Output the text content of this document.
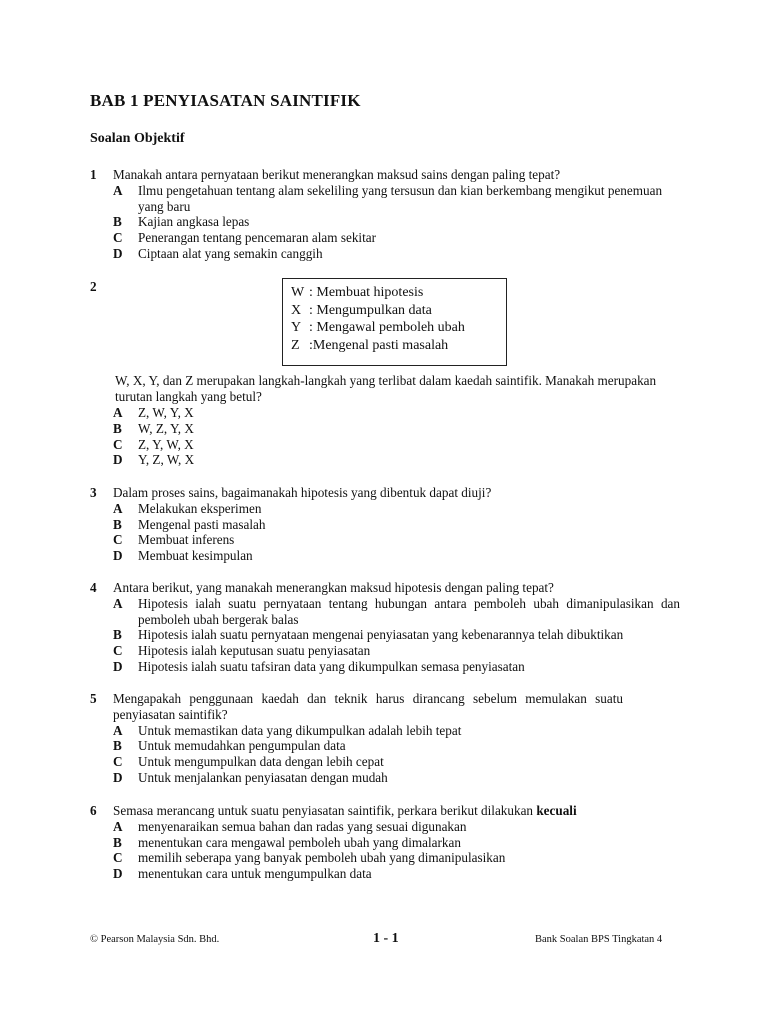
BAB 1 PENYIASATAN SAINTIFIK
Soalan Objektif
1 Manakah antara pernyataan berikut menerangkan maksud sains dengan paling tepat?
A	Ilmu pengetahuan tentang alam sekeliling yang tersusun dan kian berkembang mengikut penemuan yang baru
B	Kajian angkasa lepas
C	Penerangan tentang pencemaran alam sekitar
D	Ciptaan alat yang semakin canggih
2	W : Membuat hipotesis
X : Mengumpulkan data
Y : Mengawal pemboleh ubah
Z :Mengenal pasti masalah
W, X, Y, dan Z merupakan langkah-langkah yang terlibat dalam kaedah saintifik. Manakah merupakan turutan langkah yang betul?
A	Z, W, Y, X
B	W, Z, Y, X
C	Z, Y, W, X
D	Y, Z, W, X
3 Dalam proses sains, bagaimanakah hipotesis yang dibentuk dapat diuji?
A	Melakukan eksperimen
B	Mengenal pasti masalah
C	Membuat inferens
D	Membuat kesimpulan
4 Antara berikut, yang manakah menerangkan maksud hipotesis dengan paling tepat?
A	Hipotesis ialah suatu pernyataan tentang hubungan antara pemboleh ubah dimanipulasikan dan pemboleh ubah bergerak balas
B	Hipotesis ialah suatu pernyataan mengenai penyiasatan yang kebenarannya telah dibuktikan
C	Hipotesis ialah keputusan suatu penyiasatan
D	Hipotesis ialah suatu tafsiran data yang dikumpulkan semasa penyiasatan
5 Mengapakah penggunaan kaedah dan teknik harus dirancang sebelum memulakan suatu penyiasatan saintifik?
A	Untuk memastikan data yang dikumpulkan adalah lebih tepat
B	Untuk memudahkan pengumpulan data
C	Untuk mengumpulkan data dengan lebih cepat
D	Untuk menjalankan penyiasatan dengan mudah
6 Semasa merancang untuk suatu penyiasatan saintifik, perkara berikut dilakukan kecuali
A	menyenaraikan semua bahan dan radas yang sesuai digunakan
B	menentukan cara mengawal pemboleh ubah yang dimalarkan
C	memilih seberapa yang banyak pemboleh ubah yang dimanipulasikan
D	menentukan cara untuk mengumpulkan data
© Pearson Malaysia Sdn. Bhd.	1 - 1	Bank Soalan BPS Tingkatan 4
